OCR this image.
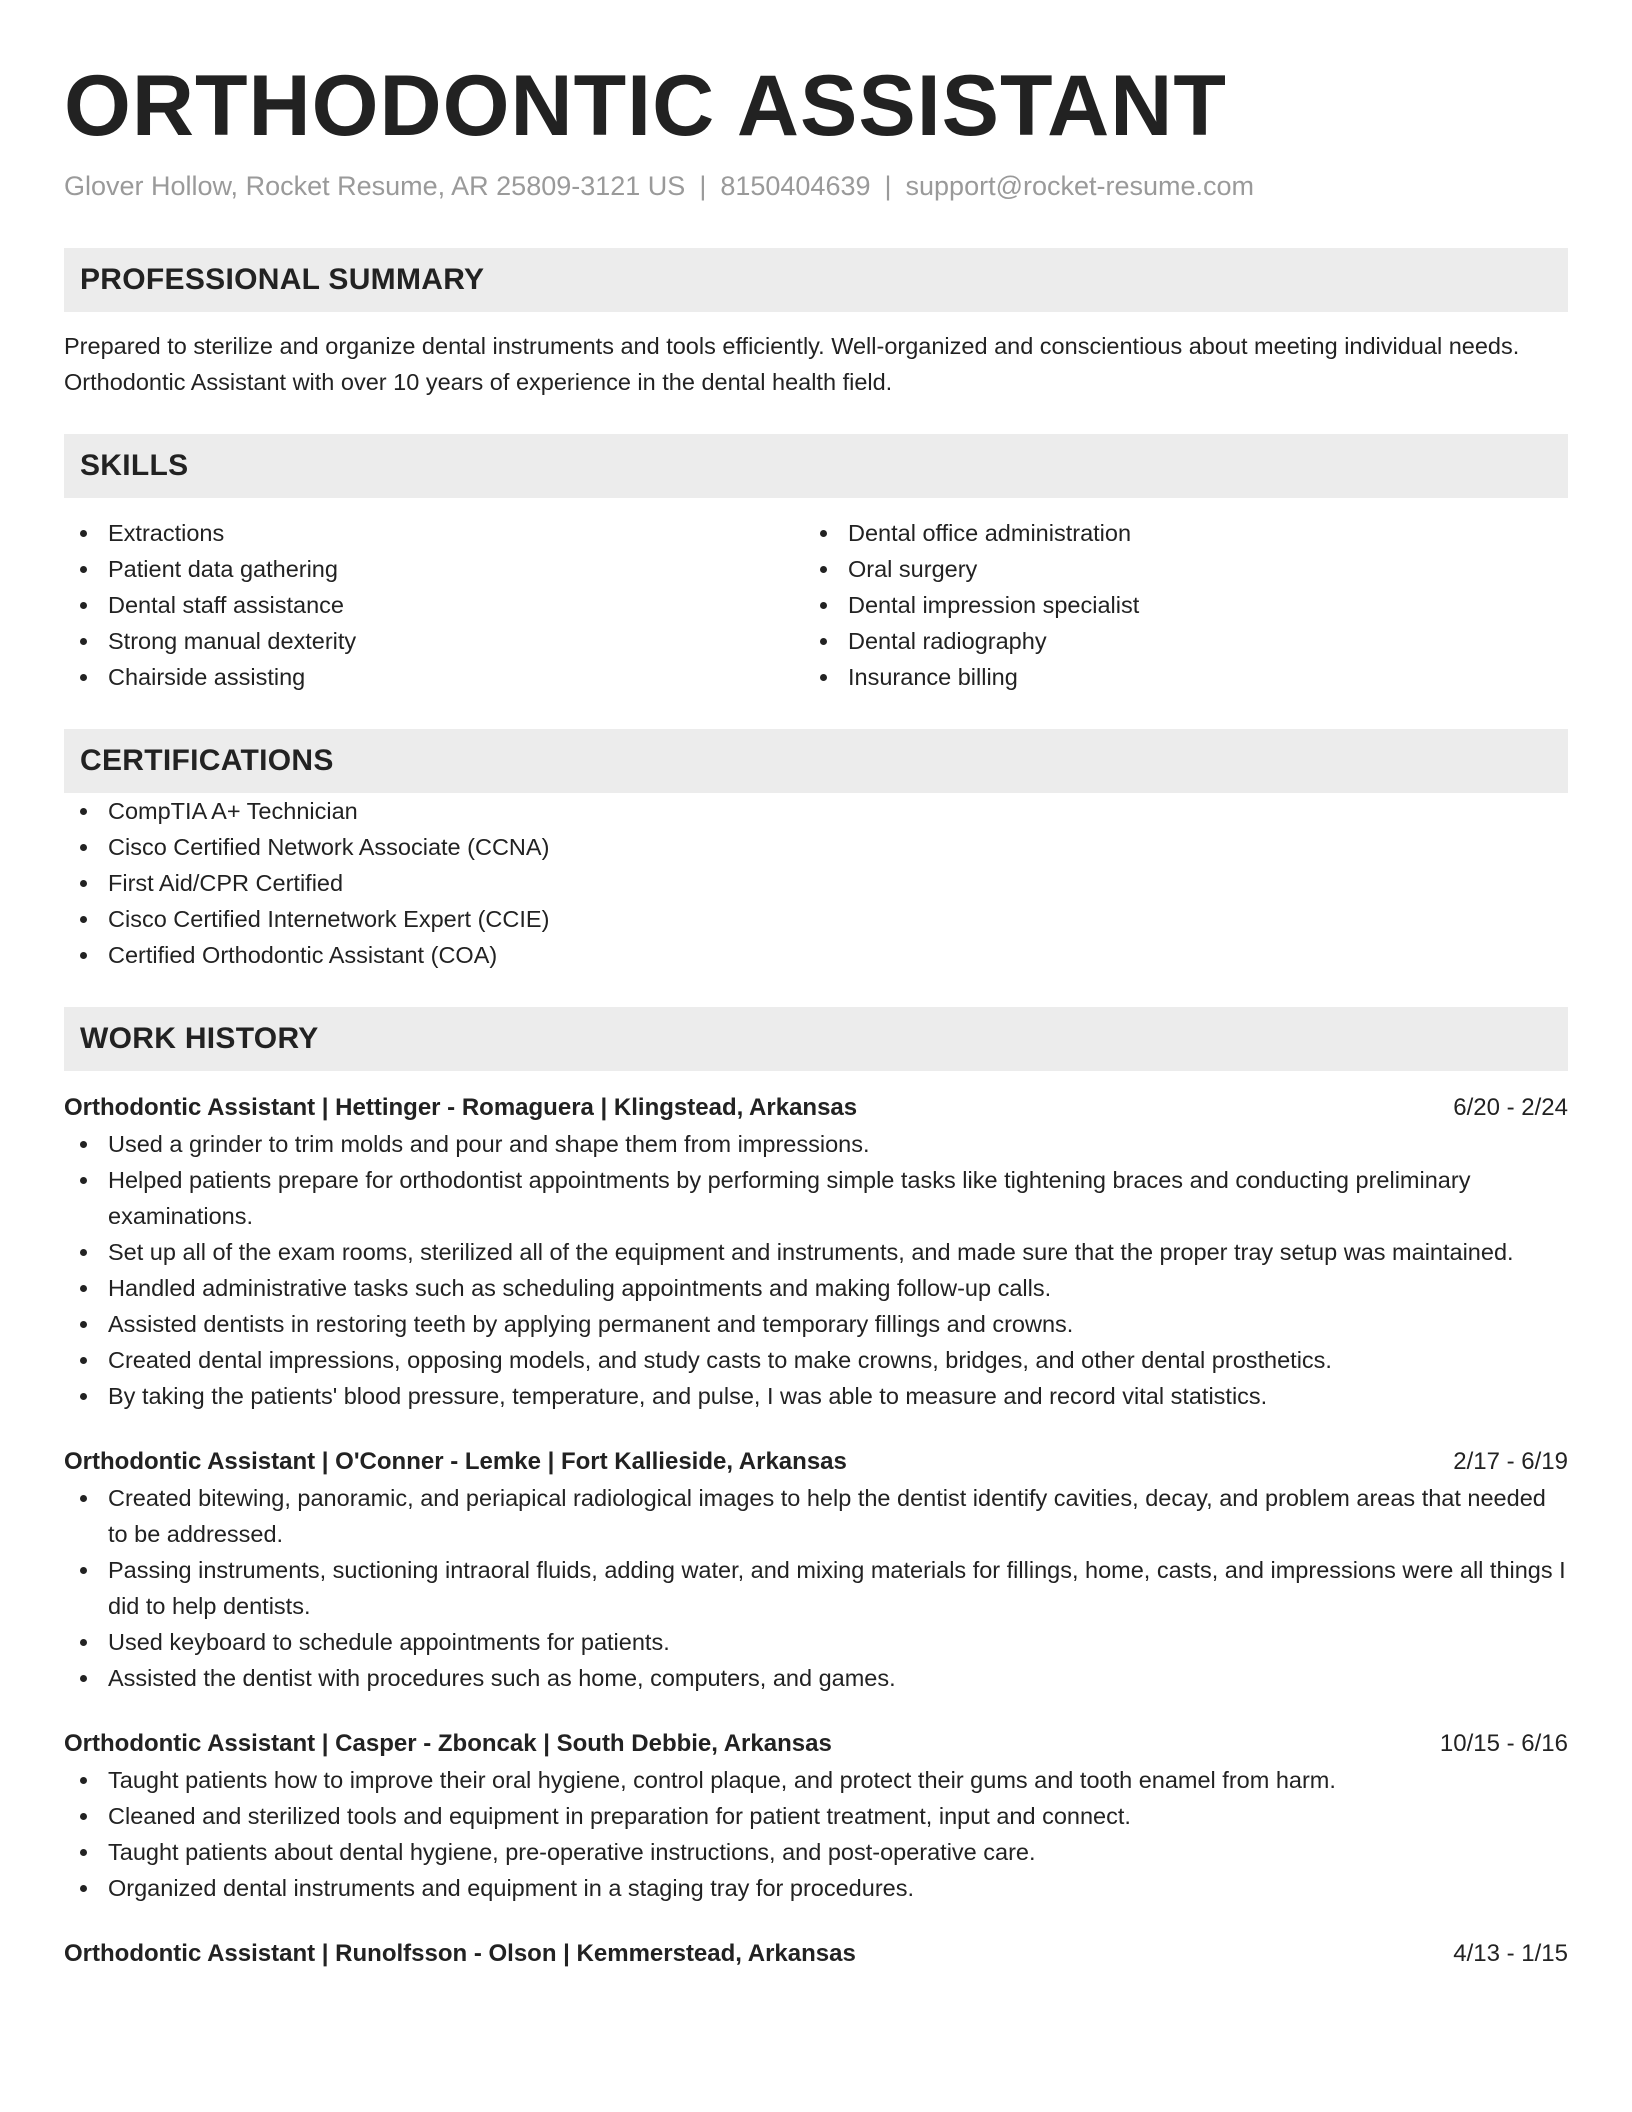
ORTHODONTIC ASSISTANT
Glover Hollow, Rocket Resume, AR 25809-3121 US | 8150404639 | support@rocket-resume.com
PROFESSIONAL SUMMARY
Prepared to sterilize and organize dental instruments and tools efficiently. Well-organized and conscientious about meeting individual needs. Orthodontic Assistant with over 10 years of experience in the dental health field.
SKILLS
Extractions
Patient data gathering
Dental staff assistance
Strong manual dexterity
Chairside assisting
Dental office administration
Oral surgery
Dental impression specialist
Dental radiography
Insurance billing
CERTIFICATIONS
CompTIA A+ Technician
Cisco Certified Network Associate (CCNA)
First Aid/CPR Certified
Cisco Certified Internetwork Expert (CCIE)
Certified Orthodontic Assistant (COA)
WORK HISTORY
Orthodontic Assistant | Hettinger - Romaguera | Klingstead, Arkansas	6/20 - 2/24
Used a grinder to trim molds and pour and shape them from impressions.
Helped patients prepare for orthodontist appointments by performing simple tasks like tightening braces and conducting preliminary examinations.
Set up all of the exam rooms, sterilized all of the equipment and instruments, and made sure that the proper tray setup was maintained.
Handled administrative tasks such as scheduling appointments and making follow-up calls.
Assisted dentists in restoring teeth by applying permanent and temporary fillings and crowns.
Created dental impressions, opposing models, and study casts to make crowns, bridges, and other dental prosthetics.
By taking the patients' blood pressure, temperature, and pulse, I was able to measure and record vital statistics.
Orthodontic Assistant | O'Conner - Lemke | Fort Kallieside, Arkansas	2/17 - 6/19
Created bitewing, panoramic, and periapical radiological images to help the dentist identify cavities, decay, and problem areas that needed to be addressed.
Passing instruments, suctioning intraoral fluids, adding water, and mixing materials for fillings, home, casts, and impressions were all things I did to help dentists.
Used keyboard to schedule appointments for patients.
Assisted the dentist with procedures such as home, computers, and games.
Orthodontic Assistant | Casper - Zboncak | South Debbie, Arkansas	10/15 - 6/16
Taught patients how to improve their oral hygiene, control plaque, and protect their gums and tooth enamel from harm.
Cleaned and sterilized tools and equipment in preparation for patient treatment, input and connect.
Taught patients about dental hygiene, pre-operative instructions, and post-operative care.
Organized dental instruments and equipment in a staging tray for procedures.
Orthodontic Assistant | Runolfsson - Olson | Kemmerstead, Arkansas	4/13 - 1/15
